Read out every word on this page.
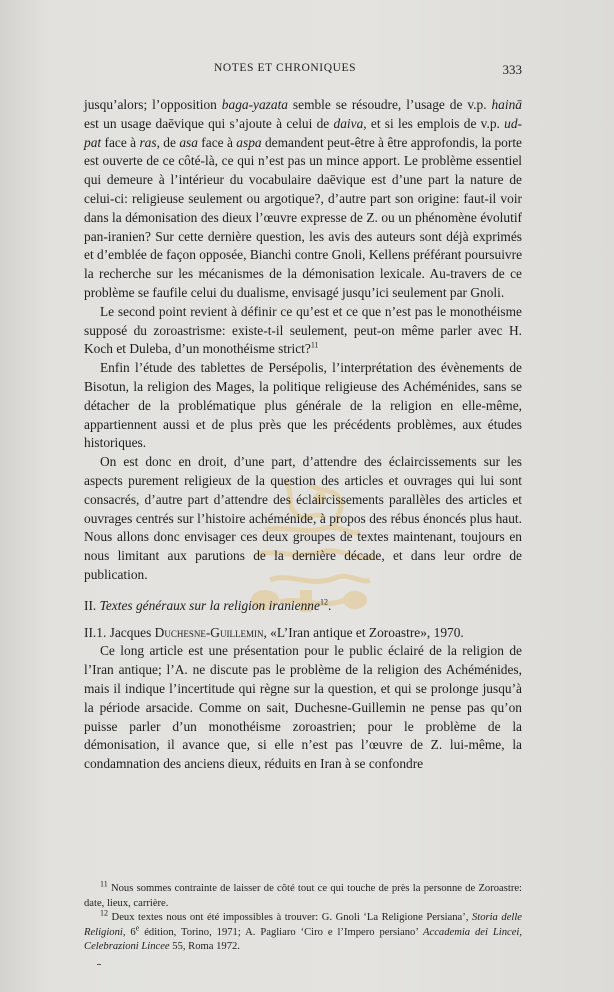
NOTES ET CHRONIQUES	333

jusqu’alors; l’opposition baga-yazata semble se résoudre, l’usage de v.p. hainā est un usage daēvique qui s’ajoute à celui de daiva, et si les emplois de v.p. ud-pat face à ras, de asa face à aspa demandent peut-être à être approfondis, la porte est ouverte de ce côté-là, ce qui n’est pas un mince apport. Le problème essentiel qui demeure à l’intérieur du vocabulaire daēvique est d’une part la nature de celui-ci: religieuse seulement ou argotique?, d’autre part son origine: faut-il voir dans la démonisation des dieux l’œuvre expresse de Z. ou un phénomène évolutif pan-iranien? Sur cette dernière question, les avis des auteurs sont déjà exprimés et d’emblée de façon opposée, Bianchi contre Gnoli, Kellens préférant poursuivre la recherche sur les mécanismes de la démonisation lexicale. Au-travers de ce problème se faufile celui du dualisme, envisagé jusqu’ici seulement par Gnoli.

Le second point revient à définir ce qu’est et ce que n’est pas le monothéisme supposé du zoroastrisme: existe-t-il seulement, peut-on même parler avec H. Koch et Duleba, d’un monothéisme strict?$^{11}$

Enfin l’étude des tablettes de Persépolis, l’interprétation des évènements de Bisotun, la religion des Mages, la politique religieuse des Achéménides, sans se détacher de la problématique plus générale de la religion en elle-même, appartiennent aussi et de plus près que les précédents problèmes, aux études historiques.

On est donc en droit, d’une part, d’attendre des éclaircissements sur les aspects purement religieux de la question des articles et ouvrages qui lui sont consacrés, d’autre part d’attendre des éclaircissements parallèles des articles et ouvrages centrés sur l’histoire achéménide, à propos des rébus énoncés plus haut. Nous allons donc envisager ces deux groupes de textes maintenant, toujours en nous limitant aux parutions de la dernière décade, et dans leur ordre de publication.

II. Textes généraux sur la religion iranienne$^{12}$.

II.1. Jacques Duchesne-Guillemin, «L’Iran antique et Zoroastre», 1970.

Ce long article est une présentation pour le public éclairé de la religion de l’Iran antique; l’A. ne discute pas le problème de la religion des Achéménides, mais il indique l’incertitude qui règne sur la question, et qui se prolonge jusqu’à la période arsacide. Comme on sait, Duchesne-Guillemin ne pense pas qu’on puisse parler d’un monothéisme zoroastrien; pour le problème de la démonisation, il avance que, si elle n’est pas l’œuvre de Z. lui-même, la condamnation des anciens dieux, réduits en Iran à se confondre

$^{11}$ Nous sommes contrainte de laisser de côté tout ce qui touche de près la personne de Zoroastre: date, lieux, carrière.

$^{12}$ Deux textes nous ont été impossibles à trouver: G. Gnoli ‘La Religione Persiana’, Storia delle Religioni, 6e édition, Torino, 1971; A. Pagliaro ‘Ciro e l’Impero persiano’ Accademia dei Lincei, Celebrazioni Lincee 55, Roma 1972.
